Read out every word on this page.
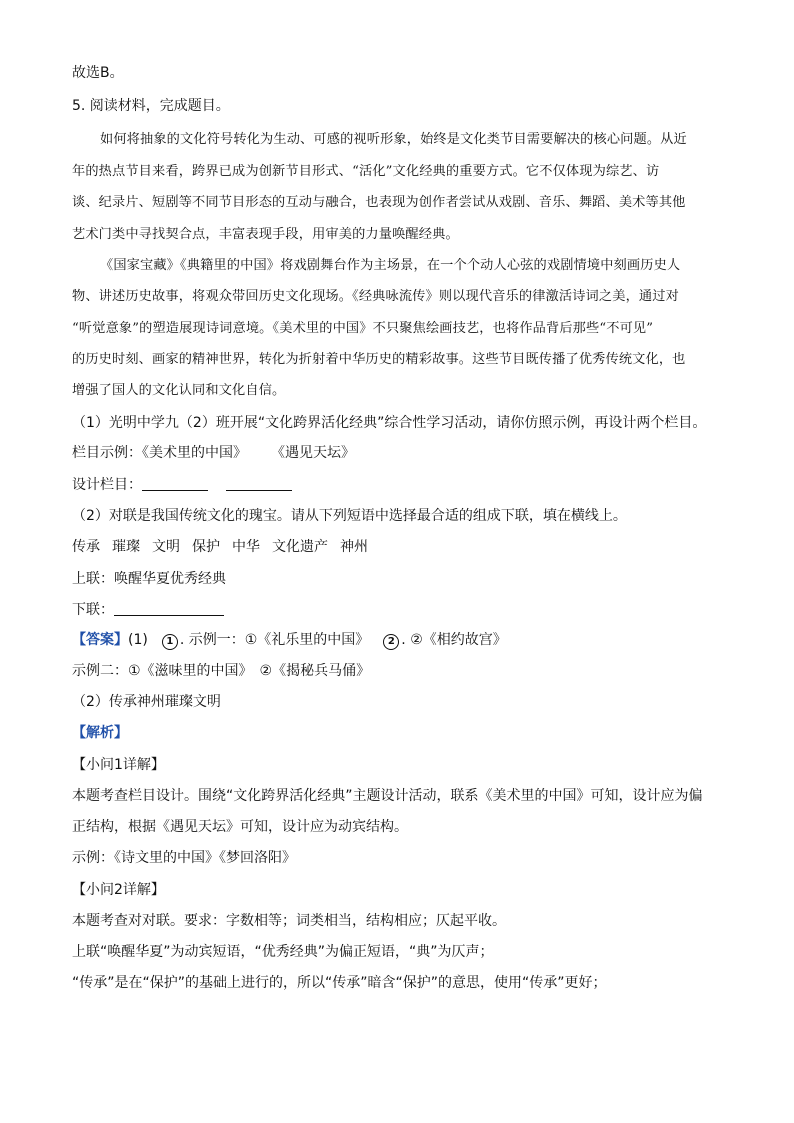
故选B。

5. 阅读材料，完成题目。

如何将抽象的文化符号转化为生动、可感的视听形象，始终是文化类节目需要解决的核心问题。从近

年的热点节目来看，跨界已成为创新节目形式、“活化”文化经典的重要方式。它不仅体现为综艺、访

谈、纪录片、短剧等不同节目形态的互动与融合，也表现为创作者尝试从戏剧、音乐、舞蹈、美术等其他

艺术门类中寻找契合点，丰富表现手段，用审美的力量唤醒经典。

《国家宝藏》《典籍里的中国》将戏剧舞台作为主场景，在一个个动人心弦的戏剧情境中刻画历史人

物、讲述历史故事，将观众带回历史文化现场。《经典咏流传》则以现代音乐的律激活诗词之美，通过对

“听觉意象”的塑造展现诗词意境。《美术里的中国》不只聚焦绘画技艺，也将作品背后那些“不可见”

的历史时刻、画家的精神世界，转化为折射着中华历史的精彩故事。这些节目既传播了优秀传统文化，也

增强了国人的文化认同和文化自信。

（1）光明中学九（2）班开展“文化跨界活化经典”综合性学习活动，请你仿照示例，再设计两个栏目。

栏目示例：《美术里的中国》 《遇见天坛》

设计栏目：

（2）对联是我国传统文化的瑰宝。请从下列短语中选择最合适的组成下联，填在横线上。

传承 璀璨 文明 保护 中华 文化遗产 神州

上联：唤醒华夏优秀经典

下联：

【答案】(1) 1 . 示例一：①《礼乐里的中国》 2 . ②《相约故宫》

示例二：①《滋味里的中国》　②《揭秘兵马俑》

（2）传承神州璀璨文明

【解析】

【小问1详解】

本题考查栏目设计。围绕“文化跨界活化经典”主题设计活动，联系《美术里的中国》可知，设计应为偏

正结构，根据《遇见天坛》可知，设计应为动宾结构。

示例：《诗文里的中国》《梦回洛阳》

【小问2详解】

本题考查对对联。要求：字数相等；词类相当，结构相应；仄起平收。

上联“唤醒华夏”为动宾短语，“优秀经典”为偏正短语，“典”为仄声；

“传承”是在“保护”的基础上进行的，所以“传承”暗含“保护”的意思，使用“传承”更好；
